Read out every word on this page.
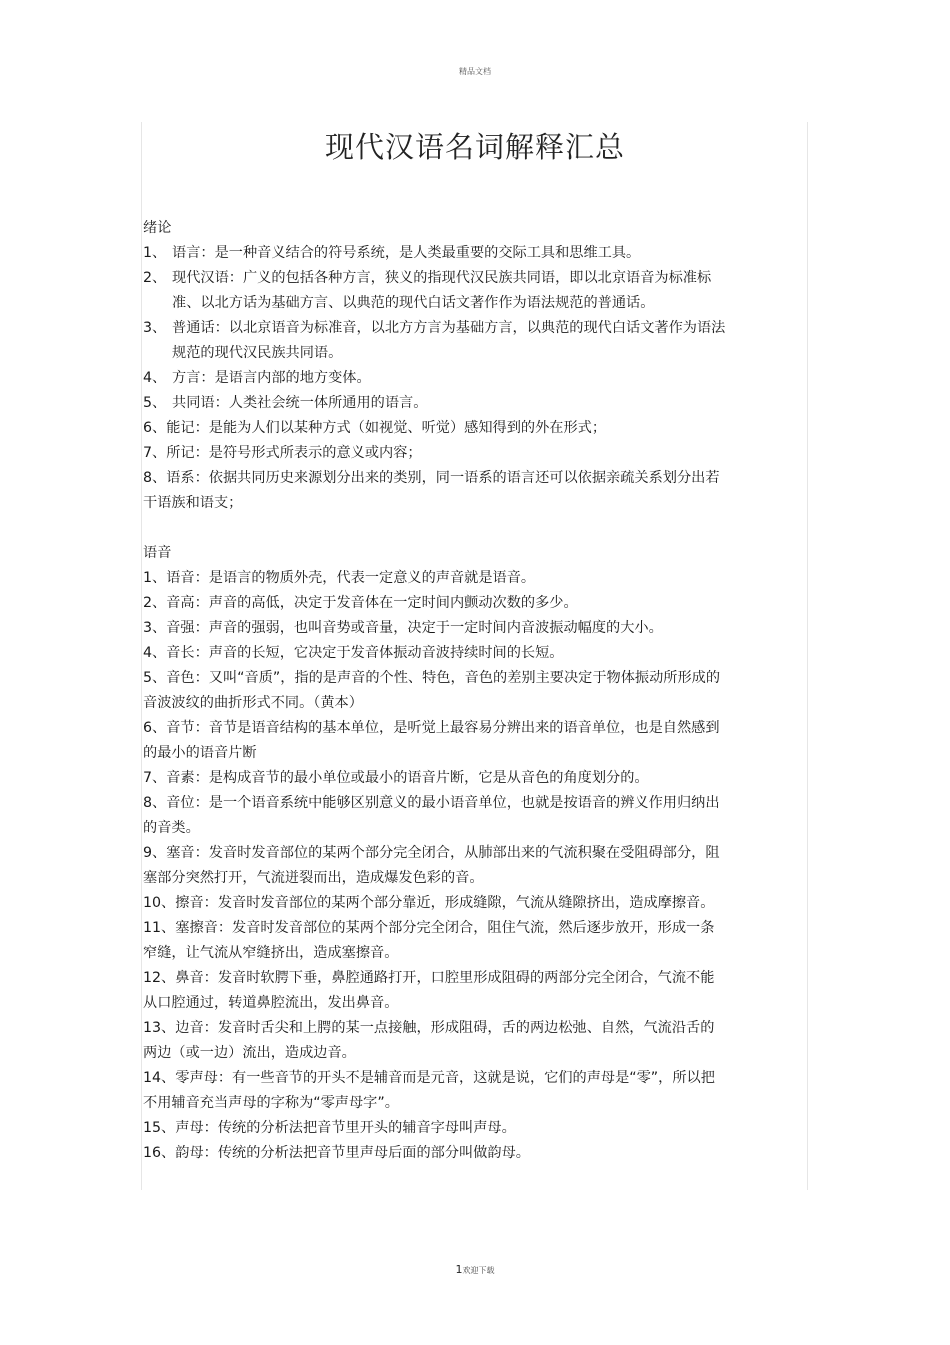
精品文档
现代汉语名词解释汇总
绪论
1、 语言：是一种音义结合的符号系统，是人类最重要的交际工具和思维工具。
2、 现代汉语：广义的包括各种方言，狭义的指现代汉民族共同语，即以北京语音为标准标准、以北方话为基础方言、以典范的现代白话文著作作为语法规范的普通话。
3、 普通话：以北京语音为标准音，以北方方言为基础方言，以典范的现代白话文著作为语法规范的现代汉民族共同语。
4、 方言：是语言内部的地方变体。
5、 共同语：人类社会统一体所通用的语言。
6、能记：是能为人们以某种方式（如视觉、听觉）感知得到的外在形式；
7、所记：是符号形式所表示的意义或内容；
8、语系：依据共同历史来源划分出来的类别，同一语系的语言还可以依据亲疏关系划分出若干语族和语支；
语音
1、语音：是语言的物质外壳，代表一定意义的声音就是语音。
2、音高：声音的高低，决定于发音体在一定时间内颤动次数的多少。
3、音强：声音的强弱，也叫音势或音量，决定于一定时间内音波振动幅度的大小。
4、音长：声音的长短，它决定于发音体振动音波持续时间的长短。
5、音色：又叫“音质”，指的是声音的个性、特色，音色的差别主要决定于物体振动所形成的音波波纹的曲折形式不同。（黄本）
6、音节：音节是语音结构的基本单位，是听觉上最容易分辨出来的语音单位，也是自然感到的最小的语音片断
7、音素：是构成音节的最小单位或最小的语音片断，它是从音色的角度划分的。
8、音位：是一个语音系统中能够区别意义的最小语音单位，也就是按语音的辨义作用归纳出的音类。
9、塞音：发音时发音部位的某两个部分完全闭合，从肺部出来的气流积聚在受阻碍部分，阻塞部分突然打开，气流迸裂而出，造成爆发色彩的音。
10、擦音：发音时发音部位的某两个部分靠近，形成缝隙，气流从缝隙挤出，造成摩擦音。
11、塞擦音：发音时发音部位的某两个部分完全闭合，阻住气流，然后逐步放开，形成一条窄缝，让气流从窄缝挤出，造成塞擦音。
12、鼻音：发音时软腭下垂，鼻腔通路打开，口腔里形成阻碍的两部分完全闭合，气流不能从口腔通过，转道鼻腔流出，发出鼻音。
13、边音：发音时舌尖和上腭的某一点接触，形成阻碍，舌的两边松弛、自然，气流沿舌的两边（或一边）流出，造成边音。
14、零声母：有一些音节的开头不是辅音而是元音，这就是说，它们的声母是“零”，所以把不用辅音充当声母的字称为“零声母字”。
15、声母：传统的分析法把音节里开头的辅音字母叫声母。
16、韵母：传统的分析法把音节里声母后面的部分叫做韵母。
1欢迎下载
